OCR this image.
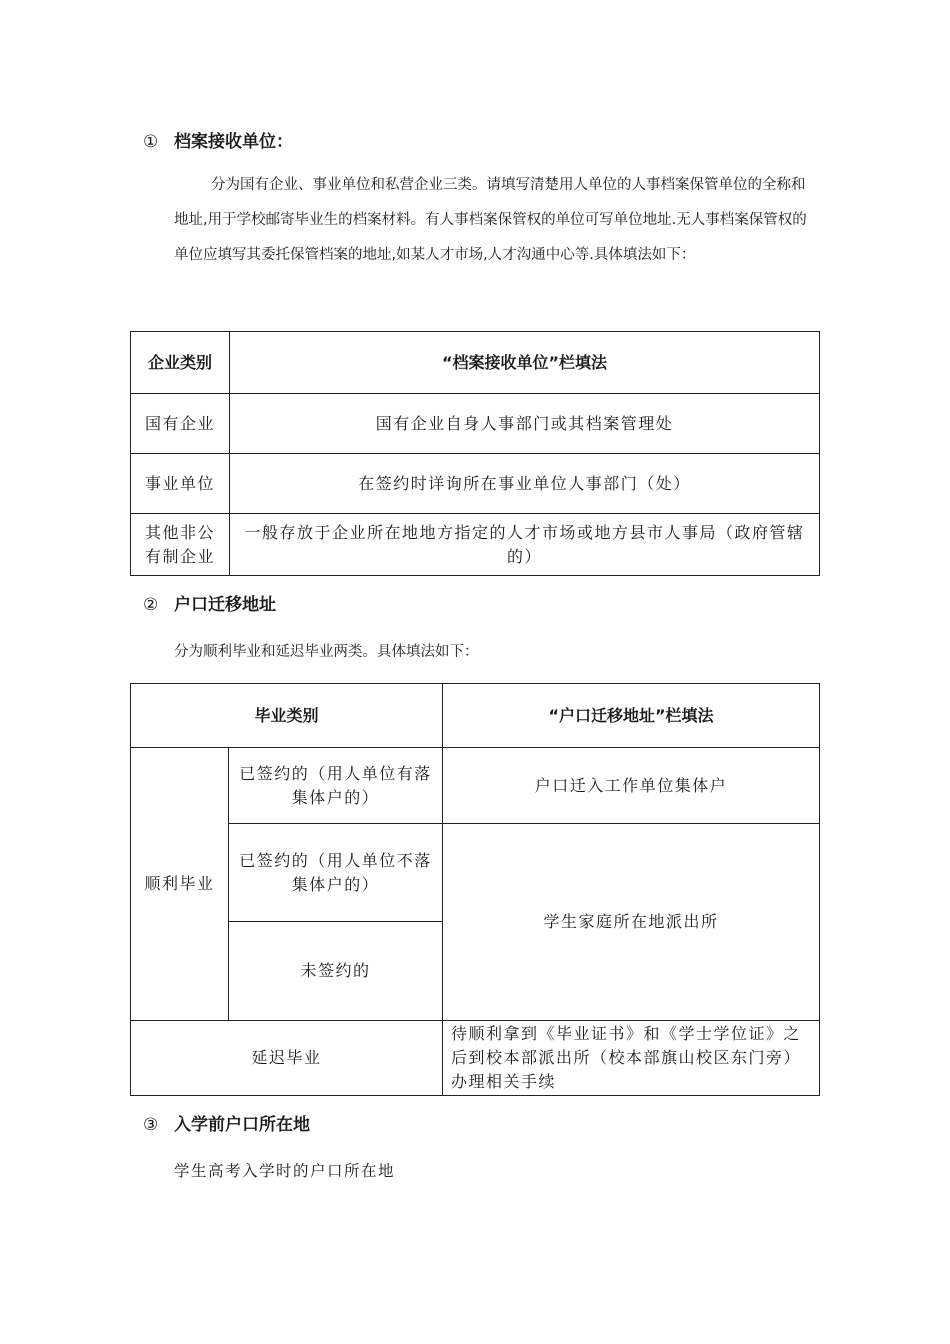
① 档案接收单位：
分为国有企业、事业单位和私营企业三类。请填写清楚用人单位的人事档案保管单位的全称和地址,用于学校邮寄毕业生的档案材料。有人事档案保管权的单位可写单位地址.无人事档案保管权的单位应填写其委托保管档案的地址,如某人才市场,人才沟通中心等.具体填法如下：
企业类别	“档案接收单位”栏填法
国有企业	国有企业自身人事部门或其档案管理处
事业单位	在签约时详询所在事业单位人事部门（处）
其他非公有制企业	一般存放于企业所在地地方指定的人才市场或地方县市人事局（政府管辖的）
② 户口迁移地址
分为顺利毕业和延迟毕业两类。具体填法如下：
毕业类别		“户口迁移地址”栏填法
顺利毕业	已签约的（用人单位有落集体户的）	户口迁入工作单位集体户
	已签约的（用人单位不落集体户的）	学生家庭所在地派出所
	未签约的	
延迟毕业		待顺利拿到《毕业证书》和《学士学位证》之后到校本部派出所（校本部旗山校区东门旁）办理相关手续
③ 入学前户口所在地
学生高考入学时的户口所在地
